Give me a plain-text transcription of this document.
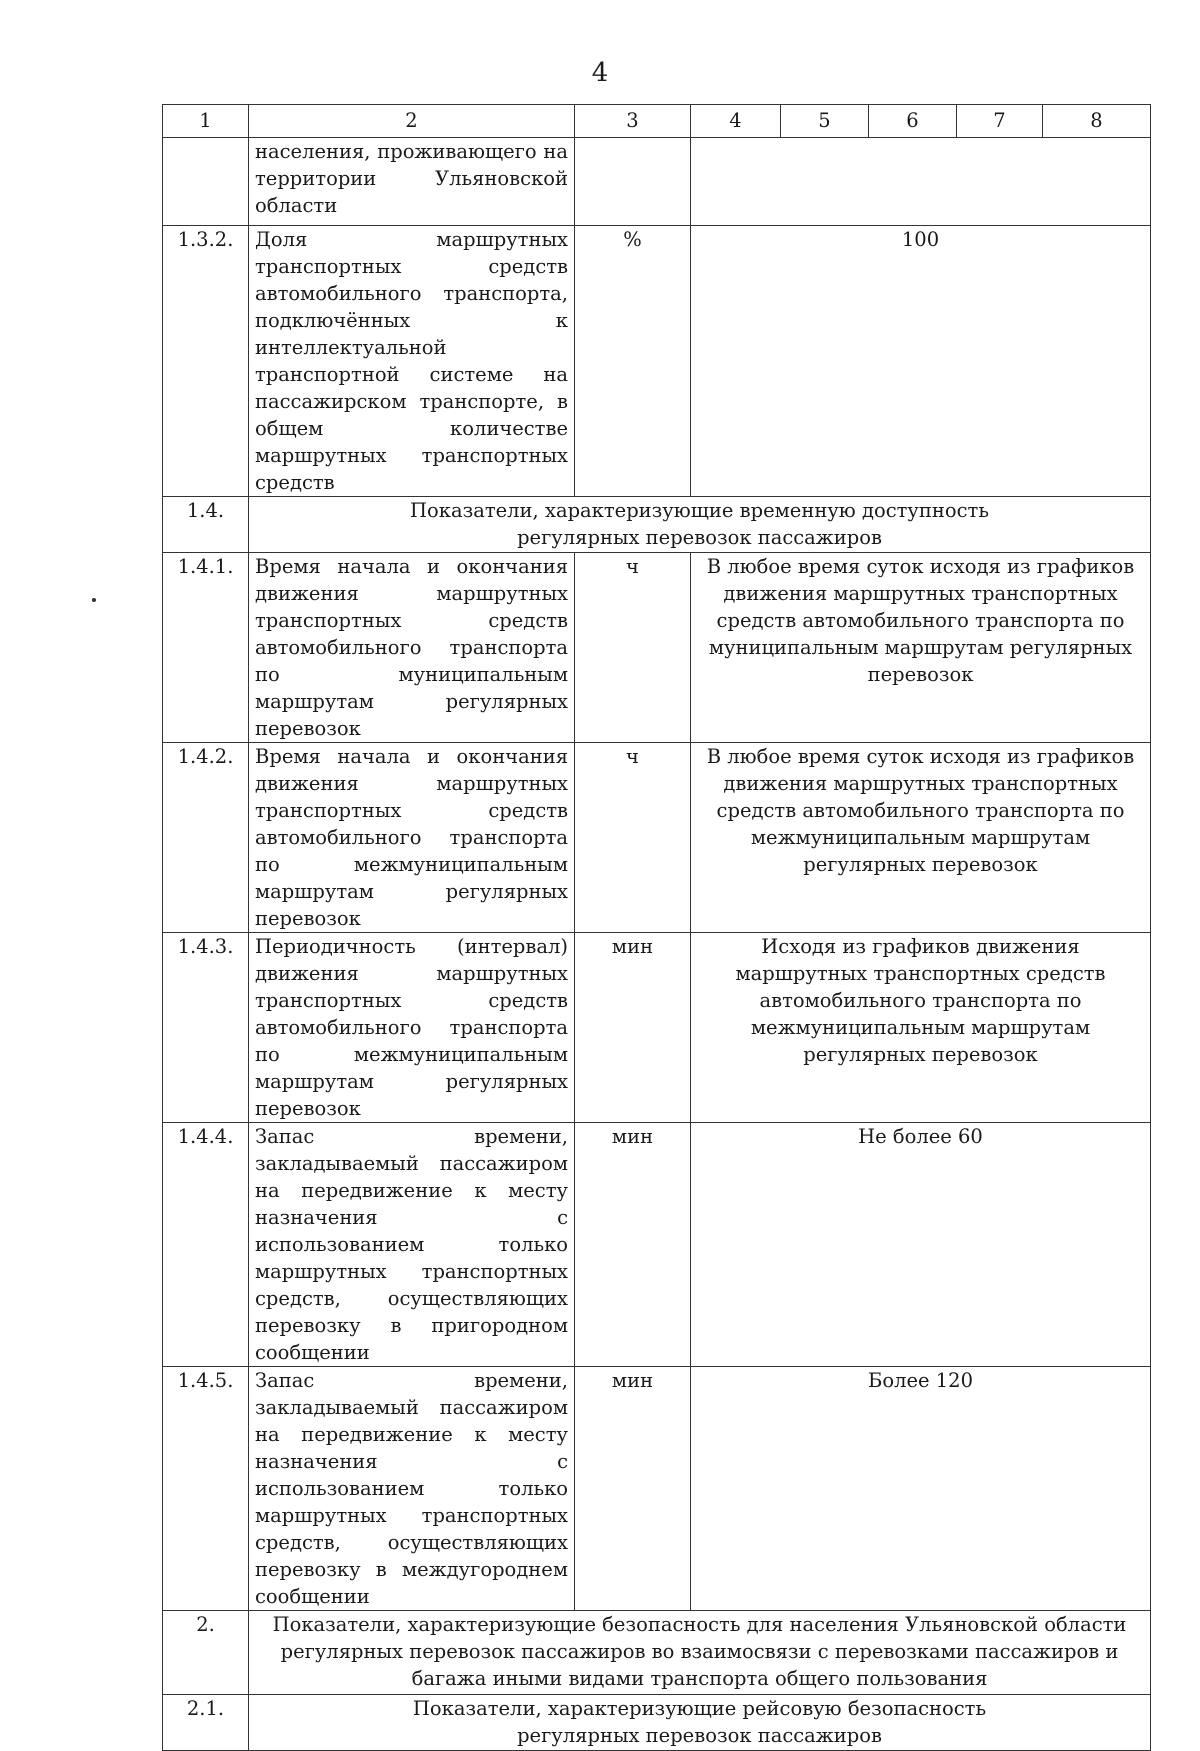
4
1	2	3	4	5	6	7	8
	населения, проживающего на территории Ульяновской области						
1.3.2.	Доля маршрутных транспортных средств автомобильного транспорта, подключённых к интеллектуальной транспортной системе на пассажирском транспорте, в общем количестве маршрутных транспортных средств	%	100				
1.4.	Показатели, характеризующие временную доступность регулярных перевозок пассажиров						
1.4.1.	Время начала и окончания движения маршрутных транспортных средств автомобильного транспорта по муниципальным маршрутам регулярных перевозок	ч	В любое время суток исходя из графиков движения маршрутных транспортных средств автомобильного транспорта по муниципальным маршрутам регулярных перевозок				
1.4.2.	Время начала и окончания движения маршрутных транспортных средств автомобильного транспорта по межмуниципальным маршрутам регулярных перевозок	ч	В любое время суток исходя из графиков движения маршрутных транспортных средств автомобильного транспорта по межмуниципальным маршрутам регулярных перевозок				
1.4.3.	Периодичность (интервал) движения маршрутных транспортных средств автомобильного транспорта по межмуниципальным маршрутам регулярных перевозок	мин	Исходя из графиков движения маршрутных транспортных средств автомобильного транспорта по межмуниципальным маршрутам регулярных перевозок				
1.4.4.	Запас времени, закладываемый пассажиром на передвижение к месту назначения с использованием только маршрутных транспортных средств, осуществляющих перевозку в пригородном сообщении	мин	Не более 60				
1.4.5.	Запас времени, закладываемый пассажиром на передвижение к месту назначения с использованием только маршрутных транспортных средств, осуществляющих перевозку в междугороднем сообщении	мин	Более 120				
2.	Показатели, характеризующие безопасность для населения Ульяновской области регулярных перевозок пассажиров во взаимосвязи с перевозками пассажиров и багажа иными видами транспорта общего пользования						
2.1.	Показатели, характеризующие рейсовую безопасность регулярных перевозок пассажиров						
